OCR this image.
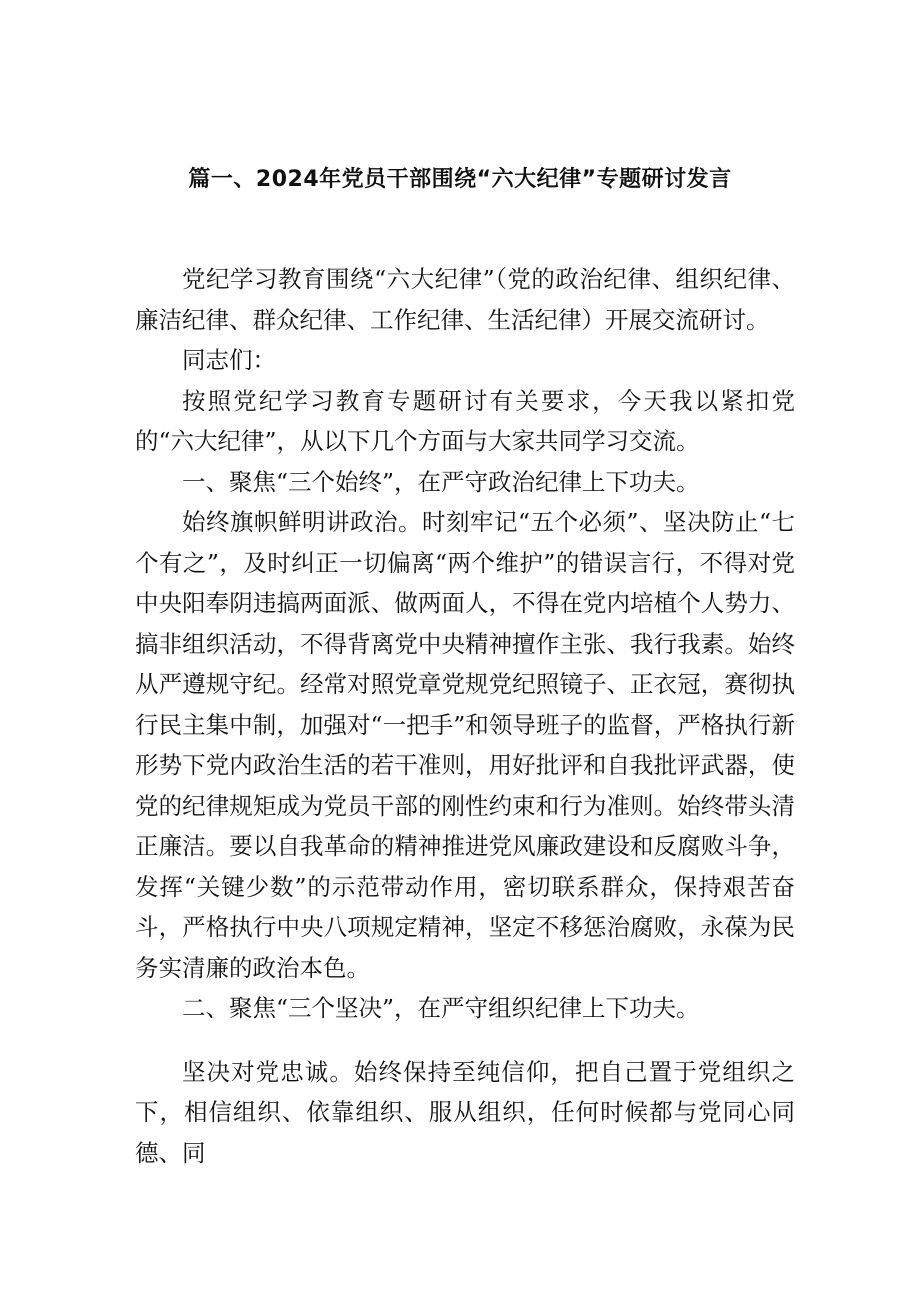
篇一、2024年党员干部围绕“六大纪律”专题研讨发言

党纪学习教育围绕“六大纪律”（党的政治纪律、组织纪律、廉洁纪律、群众纪律、工作纪律、生活纪律）开展交流研讨。

同志们：

按照党纪学习教育专题研讨有关要求，今天我以紧扣党的“六大纪律”，从以下几个方面与大家共同学习交流。

一、聚焦“三个始终”，在严守政治纪律上下功夫。

始终旗帜鲜明讲政治。时刻牢记“五个必须”、坚决防止“七个有之”，及时纠正一切偏离“两个维护”的错误言行，不得对党中央阳奉阴违搞两面派、做两面人，不得在党内培植个人势力、搞非组织活动，不得背离党中央精神擅作主张、我行我素。始终从严遵规守纪。经常对照党章党规党纪照镜子、正衣冠，赛彻执行民主集中制，加强对“一把手”和领导班子的监督，严格执行新形势下党内政治生活的若干准则，用好批评和自我批评武器，使党的纪律规矩成为党员干部的刚性约束和行为准则。始终带头清正廉洁。要以自我革命的精神推进党风廉政建设和反腐败斗争，发挥“关键少数”的示范带动作用，密切联系群众，保持艰苦奋斗，严格执行中央八项规定精神，坚定不移惩治腐败，永葆为民务实清廉的政治本色。

二、聚焦“三个坚决”，在严守组织纪律上下功夫。

坚决对党忠诚。始终保持至纯信仰，把自己置于党组织之下，相信组织、依靠组织、服从组织，任何时候都与党同心同德、同
